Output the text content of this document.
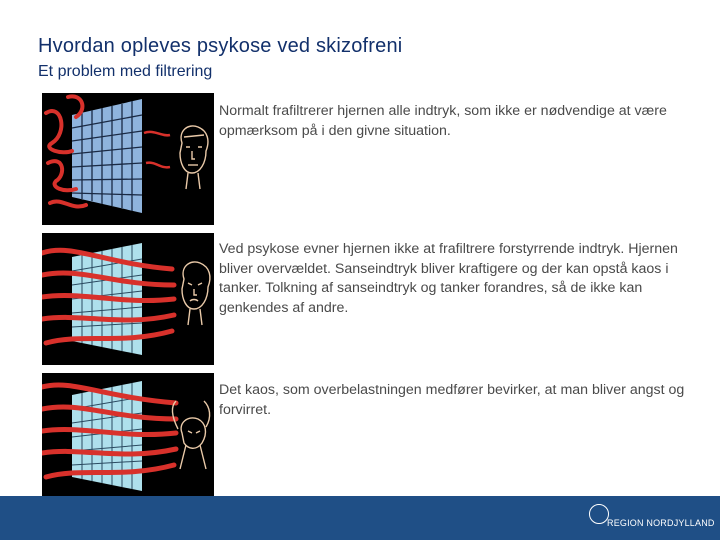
Hvordan opleves psykose ved skizofreni
Et problem med filtrering

Normalt frafiltrerer hjernen alle indtryk, som ikke er nødvendige at være opmærksom på i den givne situation.

Ved psykose evner hjernen ikke at frafiltrere forstyrrende indtryk. Hjernen bliver overvældet. Sanseindtryk bliver kraftigere og der kan opstå kaos i tanker. Tolkning af sanseindtryk og tanker forandres, så de ikke kan genkendes af andre.

Det kaos, som overbelastningen medfører bevirker, at man bliver angst og forvirret.

PSYKIATRIEN
REGION NORDJYLLAND
